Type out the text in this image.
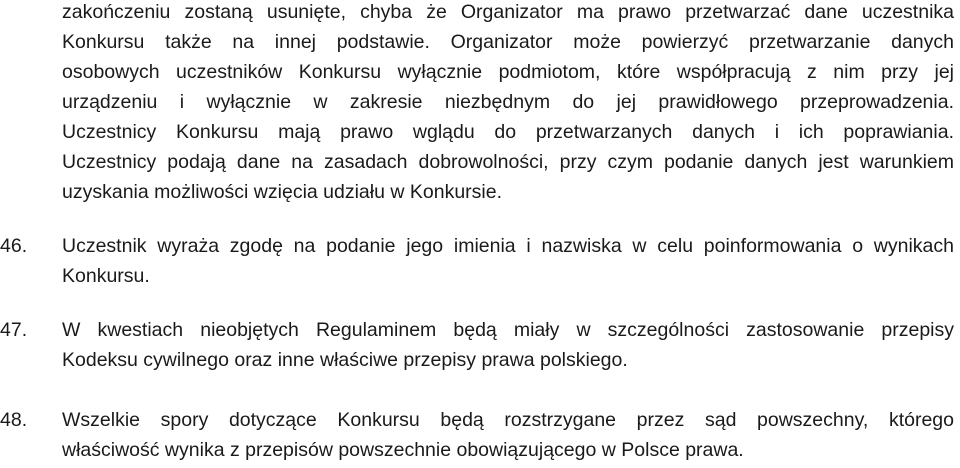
zakończeniu zostaną usunięte, chyba że Organizator ma prawo przetwarzać dane uczestnika
Konkursu także na innej podstawie. Organizator może powierzyć przetwarzanie danych
osobowych uczestników Konkursu wyłącznie podmiotom, które współpracują z nim przy jej
urządzeniu i wyłącznie w zakresie niezbędnym do jej prawidłowego przeprowadzenia.
Uczestnicy Konkursu mają prawo wglądu do przetwarzanych danych i ich poprawiania.
Uczestnicy podają dane na zasadach dobrowolności, przy czym podanie danych jest warunkiem
uzyskania możliwości wzięcia udziału w Konkursie.
46. Uczestnik wyraża zgodę na podanie jego imienia i nazwiska w celu poinformowania o wynikach
Konkursu.
47. W kwestiach nieobjętych Regulaminem będą miały w szczególności zastosowanie przepisy
Kodeksu cywilnego oraz inne właściwe przepisy prawa polskiego.
48. Wszelkie spory dotyczące Konkursu będą rozstrzygane przez sąd powszechny, którego
właściwość wynika z przepisów powszechnie obowiązującego w Polsce prawa.
